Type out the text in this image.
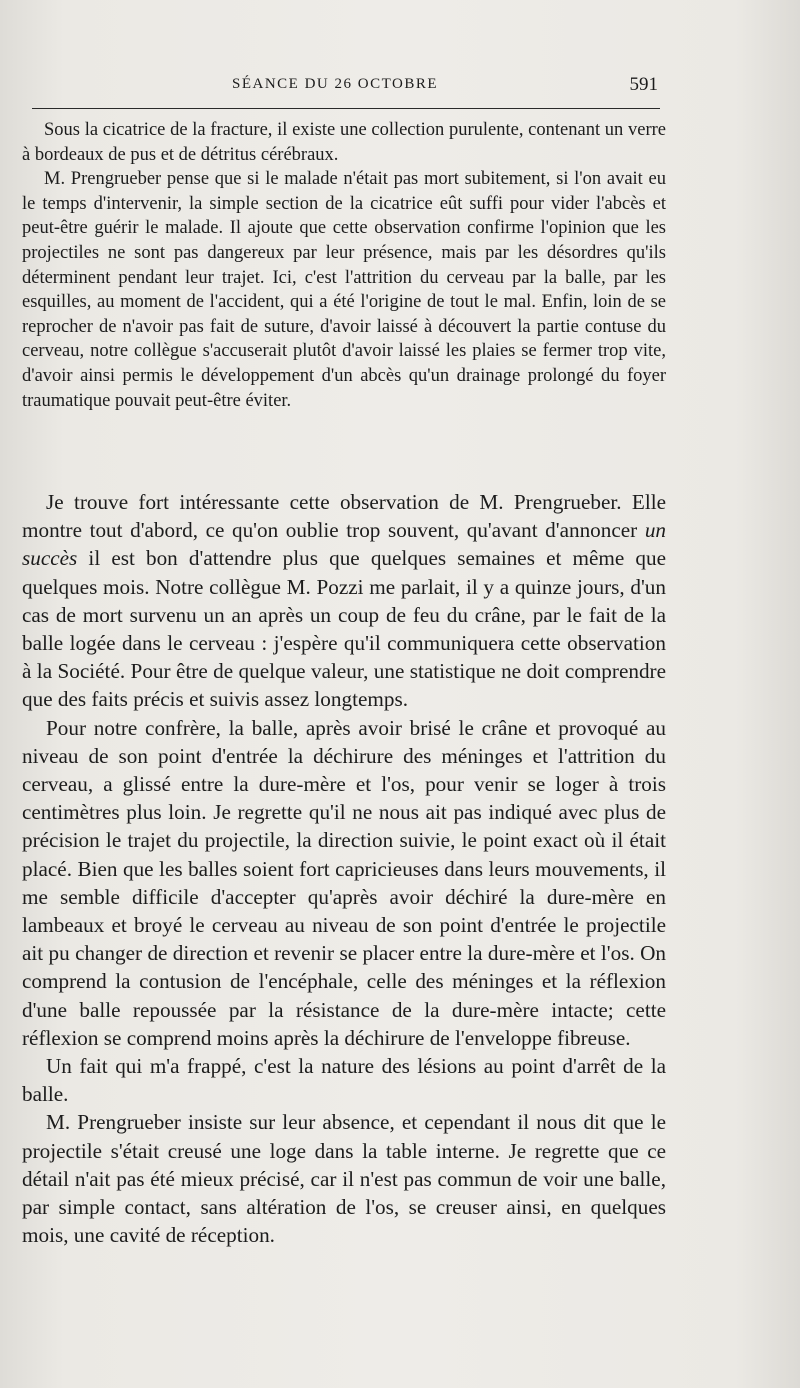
SÉANCE DU 26 OCTOBRE	591

Sous la cicatrice de la fracture, il existe une collection purulente, contenant un verre à bordeaux de pus et de détritus cérébraux.

M. Prengrueber pense que si le malade n'était pas mort subitement, si l'on avait eu le temps d'intervenir, la simple section de la cicatrice eût suffi pour vider l'abcès et peut-être guérir le malade. Il ajoute que cette observation confirme l'opinion que les projectiles ne sont pas dangereux par leur présence, mais par les désordres qu'ils déterminent pendant leur trajet. Ici, c'est l'attrition du cerveau par la balle, par les esquilles, au moment de l'accident, qui a été l'origine de tout le mal. Enfin, loin de se reprocher de n'avoir pas fait de suture, d'avoir laissé à découvert la partie contuse du cerveau, notre collègue s'accuserait plutôt d'avoir laissé les plaies se fermer trop vite, d'avoir ainsi permis le développement d'un abcès qu'un drainage prolongé du foyer traumatique pouvait peut-être éviter.

Je trouve fort intéressante cette observation de M. Prengrueber. Elle montre tout d'abord, ce qu'on oublie trop souvent, qu'avant d'annoncer un succès il est bon d'attendre plus que quelques semaines et même que quelques mois. Notre collègue M. Pozzi me parlait, il y a quinze jours, d'un cas de mort survenu un an après un coup de feu du crâne, par le fait de la balle logée dans le cerveau : j'espère qu'il communiquera cette observation à la Société. Pour être de quelque valeur, une statistique ne doit comprendre que des faits précis et suivis assez longtemps.

Pour notre confrère, la balle, après avoir brisé le crâne et provoqué au niveau de son point d'entrée la déchirure des méninges et l'attrition du cerveau, a glissé entre la dure-mère et l'os, pour venir se loger à trois centimètres plus loin. Je regrette qu'il ne nous ait pas indiqué avec plus de précision le trajet du projectile, la direction suivie, le point exact où il était placé. Bien que les balles soient fort capricieuses dans leurs mouvements, il me semble difficile d'accepter qu'après avoir déchiré la dure-mère en lambeaux et broyé le cerveau au niveau de son point d'entrée le projectile ait pu changer de direction et revenir se placer entre la dure-mère et l'os. On comprend la contusion de l'encéphale, celle des méninges et la réflexion d'une balle repoussée par la résistance de la dure-mère intacte; cette réflexion se comprend moins après la déchirure de l'enveloppe fibreuse.

Un fait qui m'a frappé, c'est la nature des lésions au point d'arrêt de la balle.

M. Prengrueber insiste sur leur absence, et cependant il nous dit que le projectile s'était creusé une loge dans la table interne. Je regrette que ce détail n'ait pas été mieux précisé, car il n'est pas commun de voir une balle, par simple contact, sans altération de l'os, se creuser ainsi, en quelques mois, une cavité de réception.
